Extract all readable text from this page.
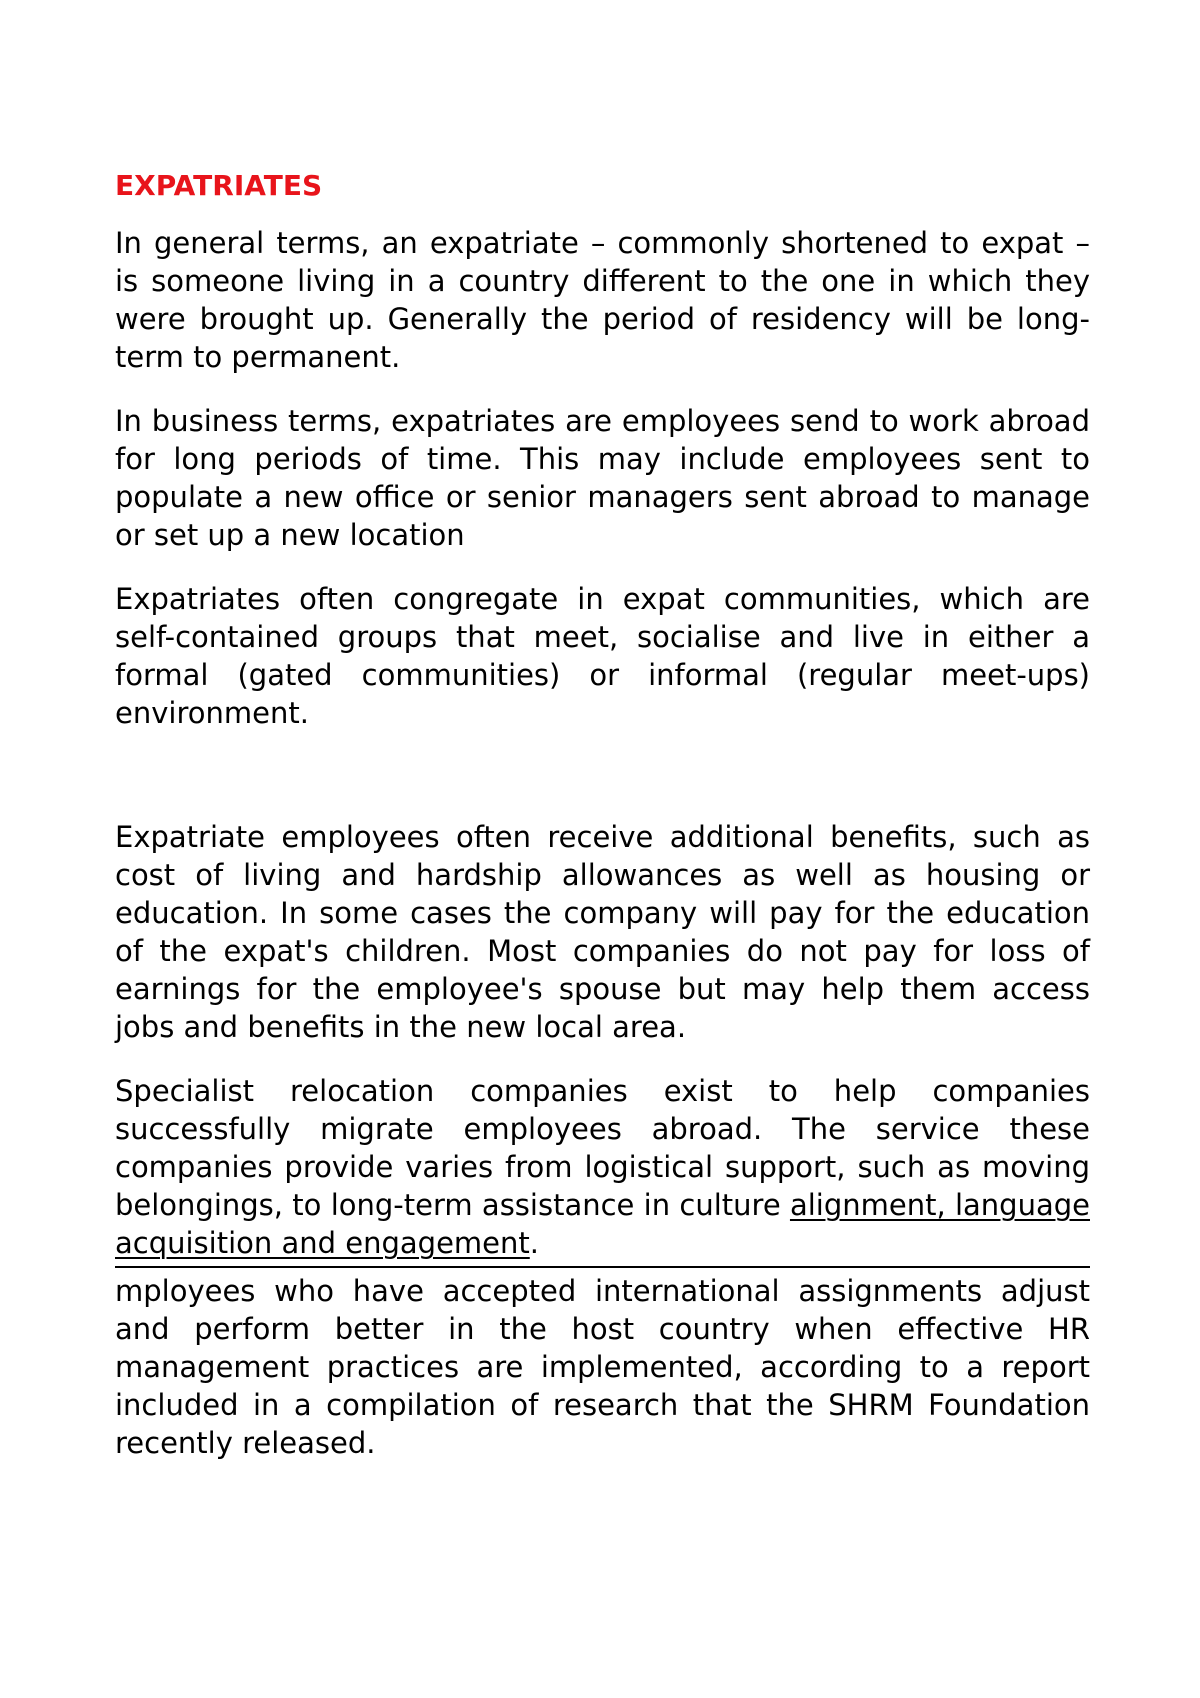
EXPATRIATES

In general terms, an expatriate – commonly shortened to expat – is someone living in a country different to the one in which they were brought up. Generally the period of residency will be long-term to permanent.

In business terms, expatriates are employees send to work abroad for long periods of time. This may include employees sent to populate a new office or senior managers sent abroad to manage or set up a new location

Expatriates often congregate in expat communities, which are self-contained groups that meet, socialise and live in either a formal (gated communities) or informal (regular meet-ups) environment.

Expatriate employees often receive additional benefits, such as cost of living and hardship allowances as well as housing or education. In some cases the company will pay for the education of the expat's children. Most companies do not pay for loss of earnings for the employee's spouse but may help them access jobs and benefits in the new local area.

Specialist relocation companies exist to help companies successfully migrate employees abroad. The service these companies provide varies from logistical support, such as moving belongings, to long-term assistance in culture alignment, language acquisition and engagement.

mployees who have accepted international assignments adjust and perform better in the host country when effective HR management practices are implemented, according to a report included in a compilation of research that the SHRM Foundation recently released.
